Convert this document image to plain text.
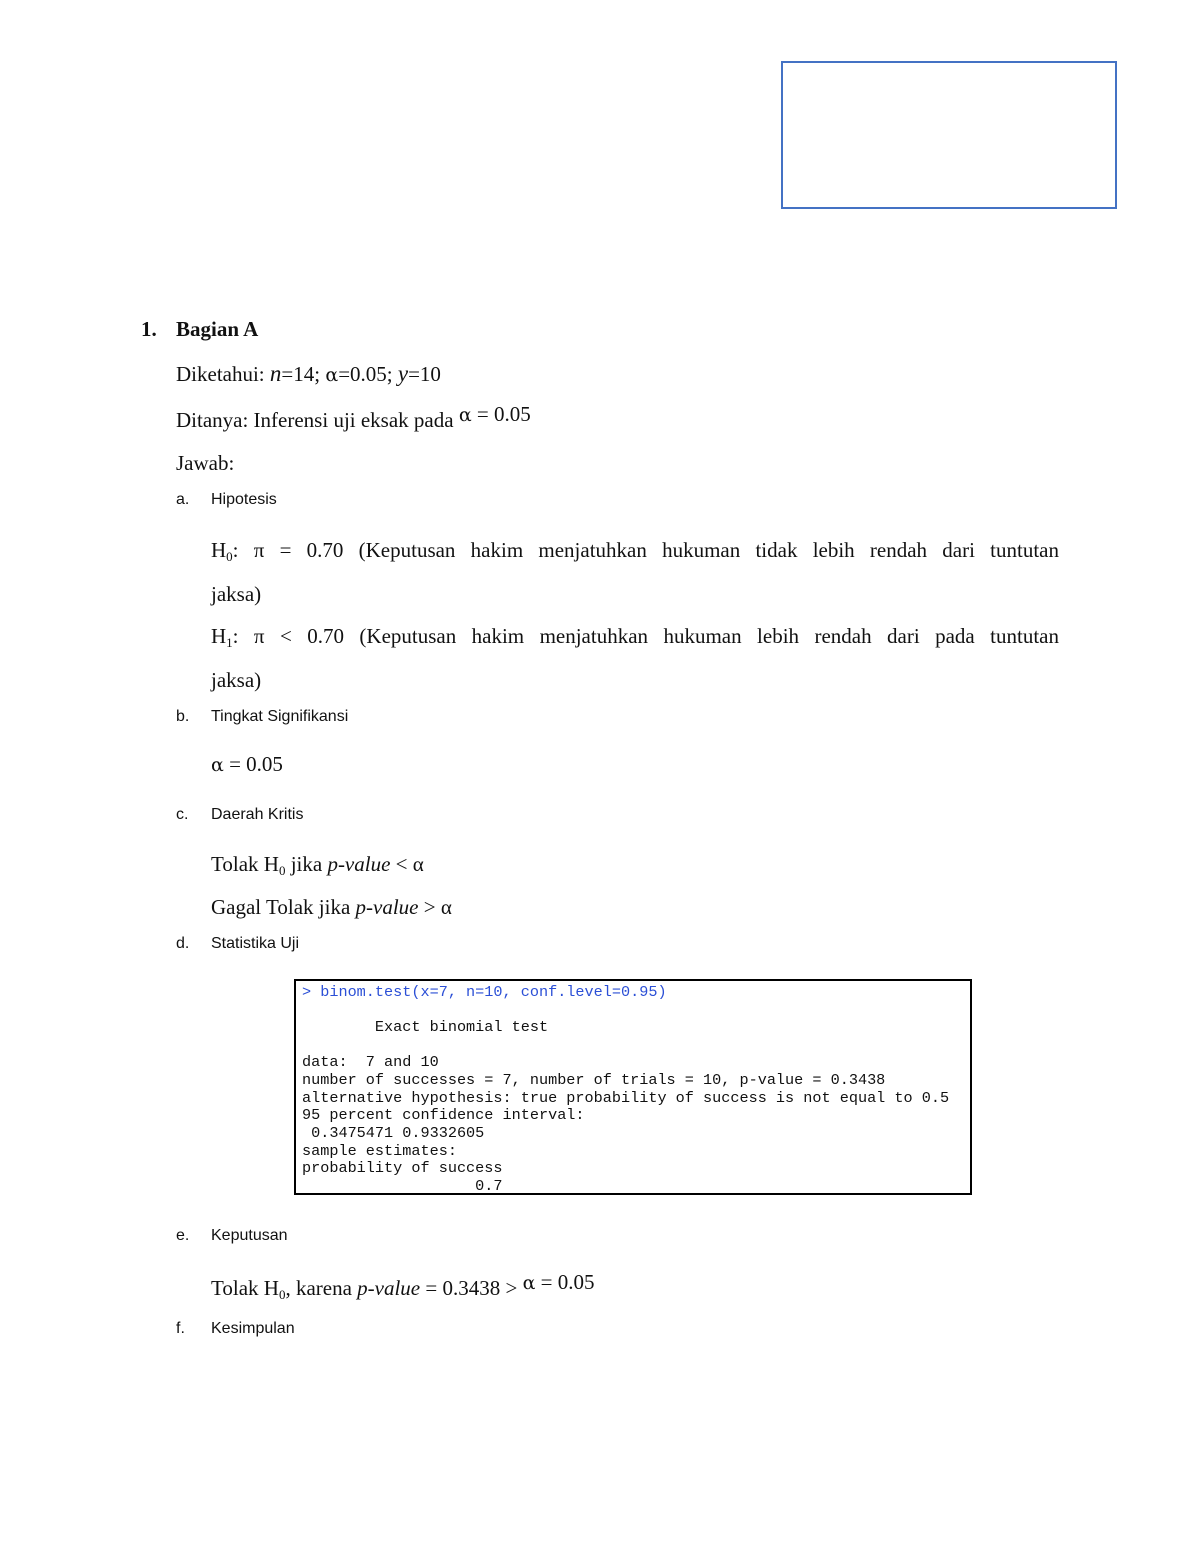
1. Bagian A
Diketahui: n=14; α=0.05; y=10
Ditanya: Inferensi uji eksak pada α = 0.05
Jawab:
a. Hipotesis
$H_0$: π = 0.70 (Keputusan hakim menjatuhkan hukuman tidak lebih rendah dari tuntutan
jaksa)
$H_1$: π < 0.70 (Keputusan hakim menjatuhkan hukuman lebih rendah dari pada tuntutan
jaksa)
b. Tingkat Signifikansi
α = 0.05
c. Daerah Kritis
Tolak $H_0$ jika p-value < α
Gagal Tolak jika p-value > α
d. Statistika Uji
> binom.test(x=7, n=10, conf.level=0.95)
Exact binomial test
data:  7 and 10
number of successes = 7, number of trials = 10, p-value = 0.3438
alternative hypothesis: true probability of success is not equal to 0.5
95 percent confidence interval:
0.3475471 0.9332605
sample estimates:
probability of success
0.7
e. Keputusan
Tolak $H_0$, karena p-value = 0.3438 > α = 0.05
f. Kesimpulan
